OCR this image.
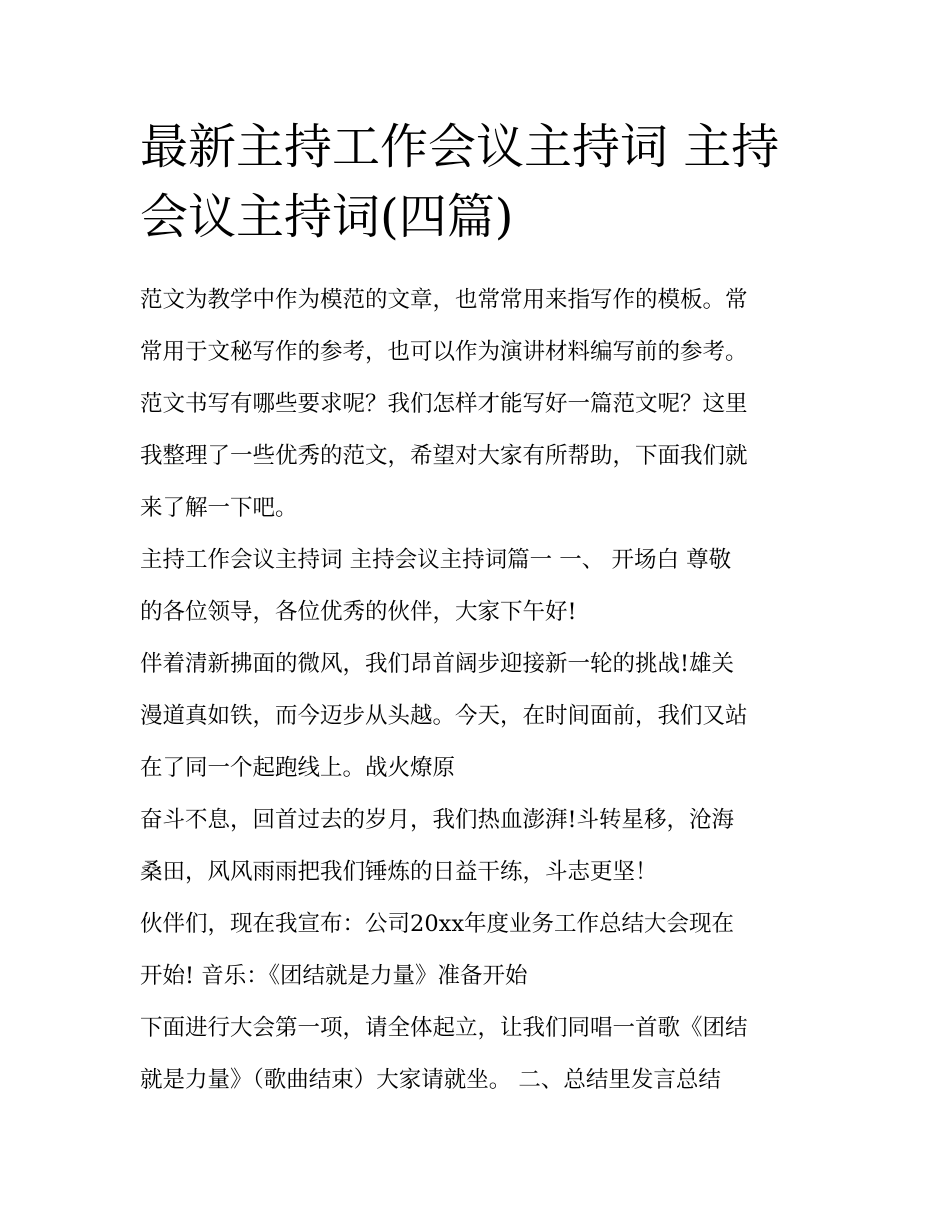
最新主持工作会议主持词 主持
会议主持词(四篇)

范文为教学中作为模范的文章，也常常用来指写作的模板。常

常用于文秘写作的参考，也可以作为演讲材料编写前的参考。

范文书写有哪些要求呢？我们怎样才能写好一篇范文呢？这里

我整理了一些优秀的范文，希望对大家有所帮助，下面我们就

来了解一下吧。

主持工作会议主持词 主持会议主持词篇一 一、 开场白 尊敬

的各位领导，各位优秀的伙伴，大家下午好!

伴着清新拂面的微风，我们昂首阔步迎接新一轮的挑战!雄关

漫道真如铁，而今迈步从头越。今天，在时间面前，我们又站

在了同一个起跑线上。战火燎原

奋斗不息，回首过去的岁月，我们热血澎湃!斗转星移，沧海

桑田，风风雨雨把我们锤炼的日益干练，斗志更坚！

伙伴们，现在我宣布：公司20xx年度业务工作总结大会现在

开始! 音乐：《团结就是力量》准备开始

下面进行大会第一项，请全体起立，让我们同唱一首歌《团结

就是力量》（歌曲结束）大家请就坐。 二、总结里发言总结
